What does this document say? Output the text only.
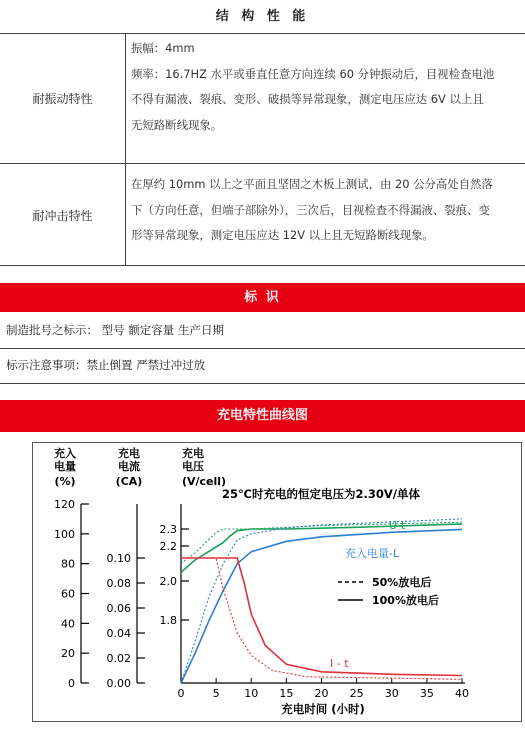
结 构 性 能
耐振动特性
振幅：4mm
频率：16.7HZ 水平或垂直任意方向连续 60 分钟振动后，目视检查电池
不得有漏液、裂痕、变形、破损等异常现象，测定电压应达 6V 以上且
无短路断线现象。
耐冲击特性
在厚约 10mm 以上之平面且坚固之木板上测试，由 20 公分高处自然落
下（方向任意，但端子部除外），三次后，目视检查不得漏液、裂痕、变
形等异常现象，测定电压应达 12V 以上且无短路断线现象。
标 识
制造批号之标示： 型号 额定容量 生产日期
标示注意事项：禁止倒置 严禁过冲过放
充电特性曲线图
充入
电量
(%)
充电
电流
(CA)
充电
电压
(V/cell)
25℃时充电的恒定电压为2.30V/单体
120
100
80
60
40
20
0
0.10
0.08
0.06
0.04
0.02
0.00
2.3
2.2
2.0
1.8
0	5 10 15 20 25 30 35 40
充电时间 (小时)
U-t
充入电量-L
I - t
50%放电后
100%放电后
